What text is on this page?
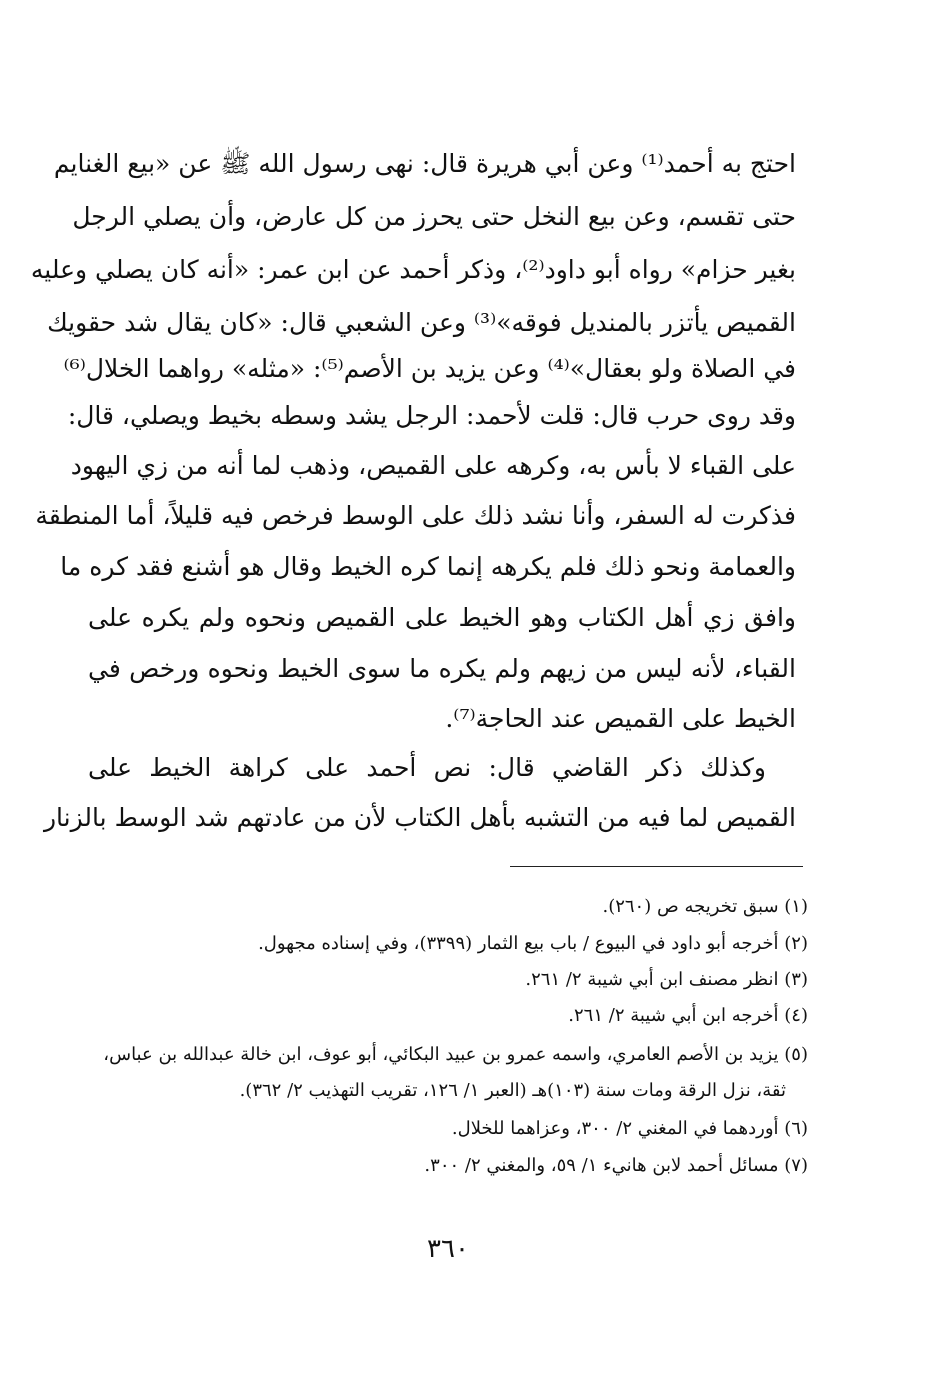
احتج به أحمد⁽¹⁾ وعن أبي هريرة قال: نهى رسول الله ﷺ عن «بيع الغنايم
حتى تقسم، وعن بيع النخل حتى يحرز من كل عارض، وأن يصلي الرجل
بغير حزام» رواه أبو داود⁽²⁾، وذكر أحمد عن ابن عمر: «أنه كان يصلي وعليه
القميص يأتزر بالمنديل فوقه»⁽³⁾ وعن الشعبي قال: «كان يقال شد حقويك
في الصلاة ولو بعقال»⁽⁴⁾ وعن يزيد بن الأصم⁽⁵⁾: «مثله» رواهما الخلال⁽⁶⁾
وقد روى حرب قال: قلت لأحمد: الرجل يشد وسطه بخيط ويصلي، قال:
على القباء لا بأس به، وكرهه على القميص، وذهب لما أنه من زي اليهود
فذكرت له السفر، وأنا نشد ذلك على الوسط فرخص فيه قليلاً، أما المنطقة
والعمامة ونحو ذلك فلم يكرهه إنما كره الخيط وقال هو أشنع فقد كره ما
وافق زي أهل الكتاب وهو الخيط على القميص ونحوه ولم يكره على
القباء، لأنه ليس من زيهم ولم يكره ما سوى الخيط ونحوه ورخص في
الخيط على القميص عند الحاجة⁽⁷⁾.
وكذلك ذكر القاضي قال: نص أحمد على كراهة الخيط على
القميص لما فيه من التشبه بأهل الكتاب لأن من عادتهم شد الوسط بالزنار
(١) سبق تخريجه ص (٢٦٠).
(٢) أخرجه أبو داود في البيوع / باب بيع الثمار (٣٣٩٩)، وفي إسناده مجهول.
(٣) انظر مصنف ابن أبي شيبة ٢/ ٢٦١.
(٤) أخرجه ابن أبي شيبة ٢/ ٢٦١.
(٥) يزيد بن الأصم العامري، واسمه عمرو بن عبيد البكائي، أبو عوف، ابن خالة عبدالله بن عباس،
ثقة، نزل الرقة ومات سنة (١٠٣)هـ (العبر ١/ ١٢٦، تقريب التهذيب ٢/ ٣٦٢).
(٦) أوردهما في المغني ٢/ ٣٠٠، وعزاهما للخلال.
(٧) مسائل أحمد لابن هانيء ١/ ٥٩، والمغني ٢/ ٣٠٠.
٣٦٠
